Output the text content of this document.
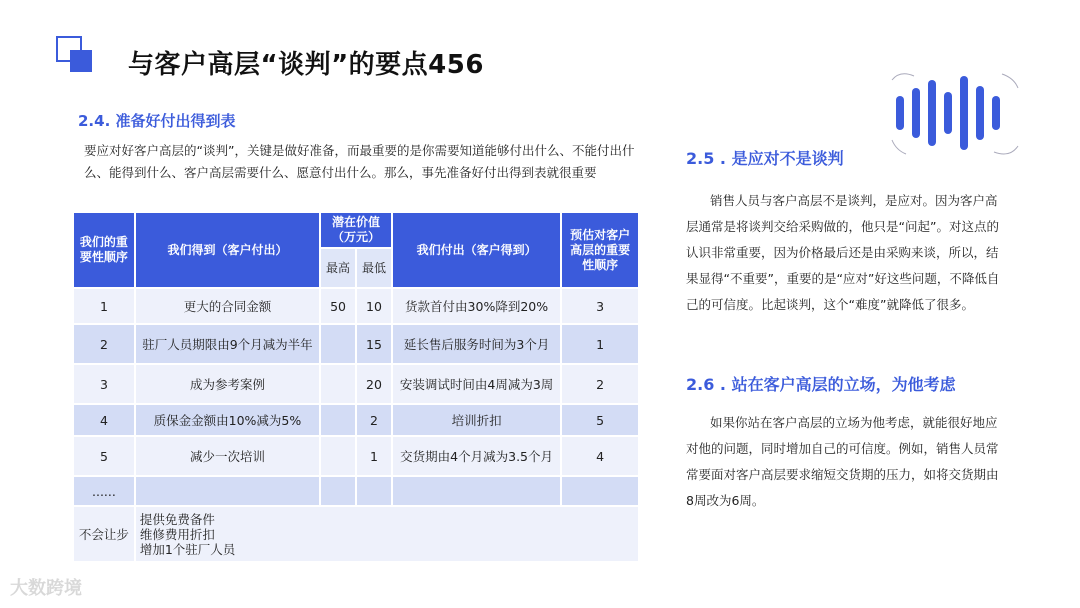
与客户高层“谈判”的要点456
2.4. 准备好付出得到表
要应对好客户高层的“谈判”，关键是做好准备，而最重要的是你需要知道能够付出什么、不能付出什么、能得到什么、客户高层需要什么、愿意付出什么。那么，事先准备好付出得到表就很重要
我们的重要性顺序	我们得到（客户付出）	潜在价值（万元）		我们付出（客户得到）	预估对客户高层的重要性顺序
		最高	最低		
1	更大的合同金额	50	10	货款首付由30%降到20%	3
2	驻厂人员期限由9个月减为半年		15	延长售后服务时间为3个月	1
3	成为参考案例		20	安装调试时间由4周减为3周	2
4	质保金金额由10%减为5%		2	培训折扣	5
5	减少一次培训		1	交货期由4个月减为3.5个月	4
......					
不会让步	提供免费备件
维修费用折扣
增加1个驻厂人员				
2.5 . 是应对不是谈判
销售人员与客户高层不是谈判，是应对。因为客户高层通常是将谈判交给采购做的，他只是“问起”。对这点的认识非常重要，因为价格最后还是由采购来谈，所以，结果显得“不重要”，重要的是“应对”好这些问题，不降低自己的可信度。比起谈判，这个“难度”就降低了很多。
2.6 . 站在客户高层的立场，为他考虑
如果你站在客户高层的立场为他考虑，就能很好地应对他的问题，同时增加自己的可信度。例如，销售人员常常要面对客户高层要求缩短交货期的压力，如将交货期由8周改为6周。
大数跨境
